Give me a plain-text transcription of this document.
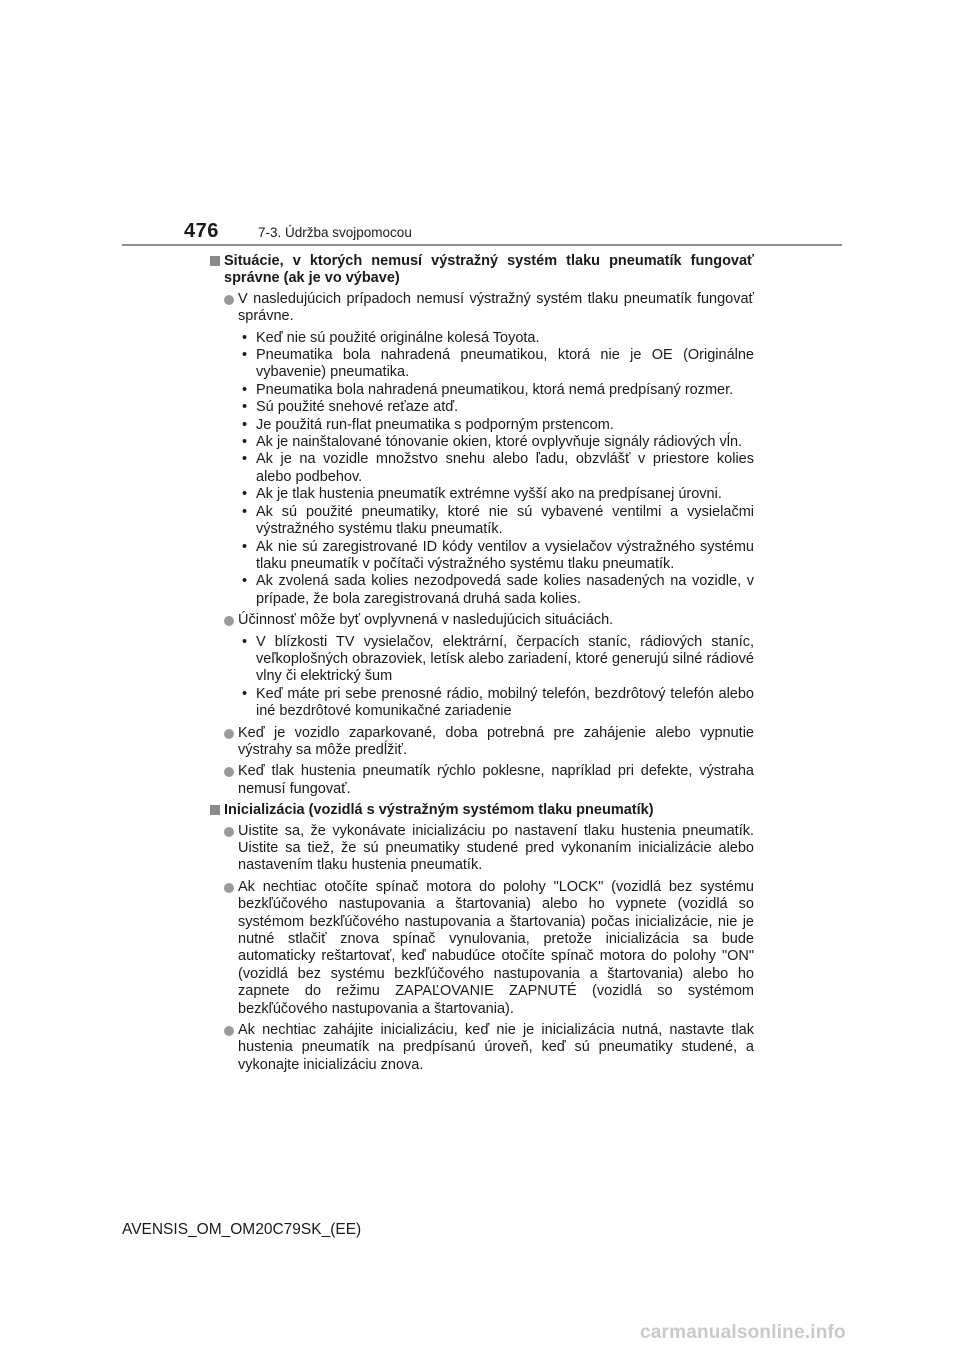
476	7-3. Údržba svojpomocou
Situácie, v ktorých nemusí výstražný systém tlaku pneumatík fungovať správne (ak je vo výbave)
V nasledujúcich prípadoch nemusí výstražný systém tlaku pneumatík fungovať správne.
• Keď nie sú použité originálne kolesá Toyota.
• Pneumatika bola nahradená pneumatikou, ktorá nie je OE (Originálne vybavenie) pneumatika.
• Pneumatika bola nahradená pneumatikou, ktorá nemá predpísaný rozmer.
• Sú použité snehové reťaze atď.
• Je použitá run-flat pneumatika s podporným prstencom.
• Ak je nainštalované tónovanie okien, ktoré ovplyvňuje signály rádiových vĺn.
• Ak je na vozidle množstvo snehu alebo ľadu, obzvlášť v priestore kolies alebo podbehov.
• Ak je tlak hustenia pneumatík extrémne vyšší ako na predpísanej úrovni.
• Ak sú použité pneumatiky, ktoré nie sú vybavené ventilmi a vysielačmi výstražného systému tlaku pneumatík.
• Ak nie sú zaregistrované ID kódy ventilov a vysielačov výstražného systému tlaku pneumatík v počítači výstražného systému tlaku pneumatík.
• Ak zvolená sada kolies nezodpovedá sade kolies nasadených na vozidle, v prípade, že bola zaregistrovaná druhá sada kolies.
Účinnosť môže byť ovplyvnená v nasledujúcich situáciách.
• V blízkosti TV vysielačov, elektrární, čerpacích staníc, rádiových staníc, veľkoplošných obrazoviek, letísk alebo zariadení, ktoré generujú silné rádiové vlny či elektrický šum
• Keď máte pri sebe prenosné rádio, mobilný telefón, bezdrôtový telefón alebo iné bezdrôtové komunikačné zariadenie
Keď je vozidlo zaparkované, doba potrebná pre zahájenie alebo vypnutie výstrahy sa môže predĺžiť.
Keď tlak hustenia pneumatík rýchlo poklesne, napríklad pri defekte, výstraha nemusí fungovať.
Inicializácia (vozidlá s výstražným systémom tlaku pneumatík)
Uistite sa, že vykonávate inicializáciu po nastavení tlaku hustenia pneumatík. Uistite sa tiež, že sú pneumatiky studené pred vykonaním inicializácie alebo nastavením tlaku hustenia pneumatík.
Ak nechtiac otočíte spínač motora do polohy "LOCK" (vozidlá bez systému bezkľúčového nastupovania a štartovania) alebo ho vypnete (vozidlá so systémom bezkľúčového nastupovania a štartovania) počas inicializácie, nie je nutné stlačiť znova spínač vynulovania, pretože inicializácia sa bude automaticky reštartovať, keď nabudúce otočíte spínač motora do polohy "ON" (vozidlá bez systému bezkľúčového nastupovania a štartovania) alebo ho zapnete do režimu ZAPAĽOVANIE ZAPNUTÉ (vozidlá so systémom bezkľúčového nastupovania a štartovania).
Ak nechtiac zahájite inicializáciu, keď nie je inicializácia nutná, nastavte tlak hustenia pneumatík na predpísanú úroveň, keď sú pneumatiky studené, a vykonajte inicializáciu znova.
AVENSIS_OM_OM20C79SK_(EE)
carmanualsonline.info
